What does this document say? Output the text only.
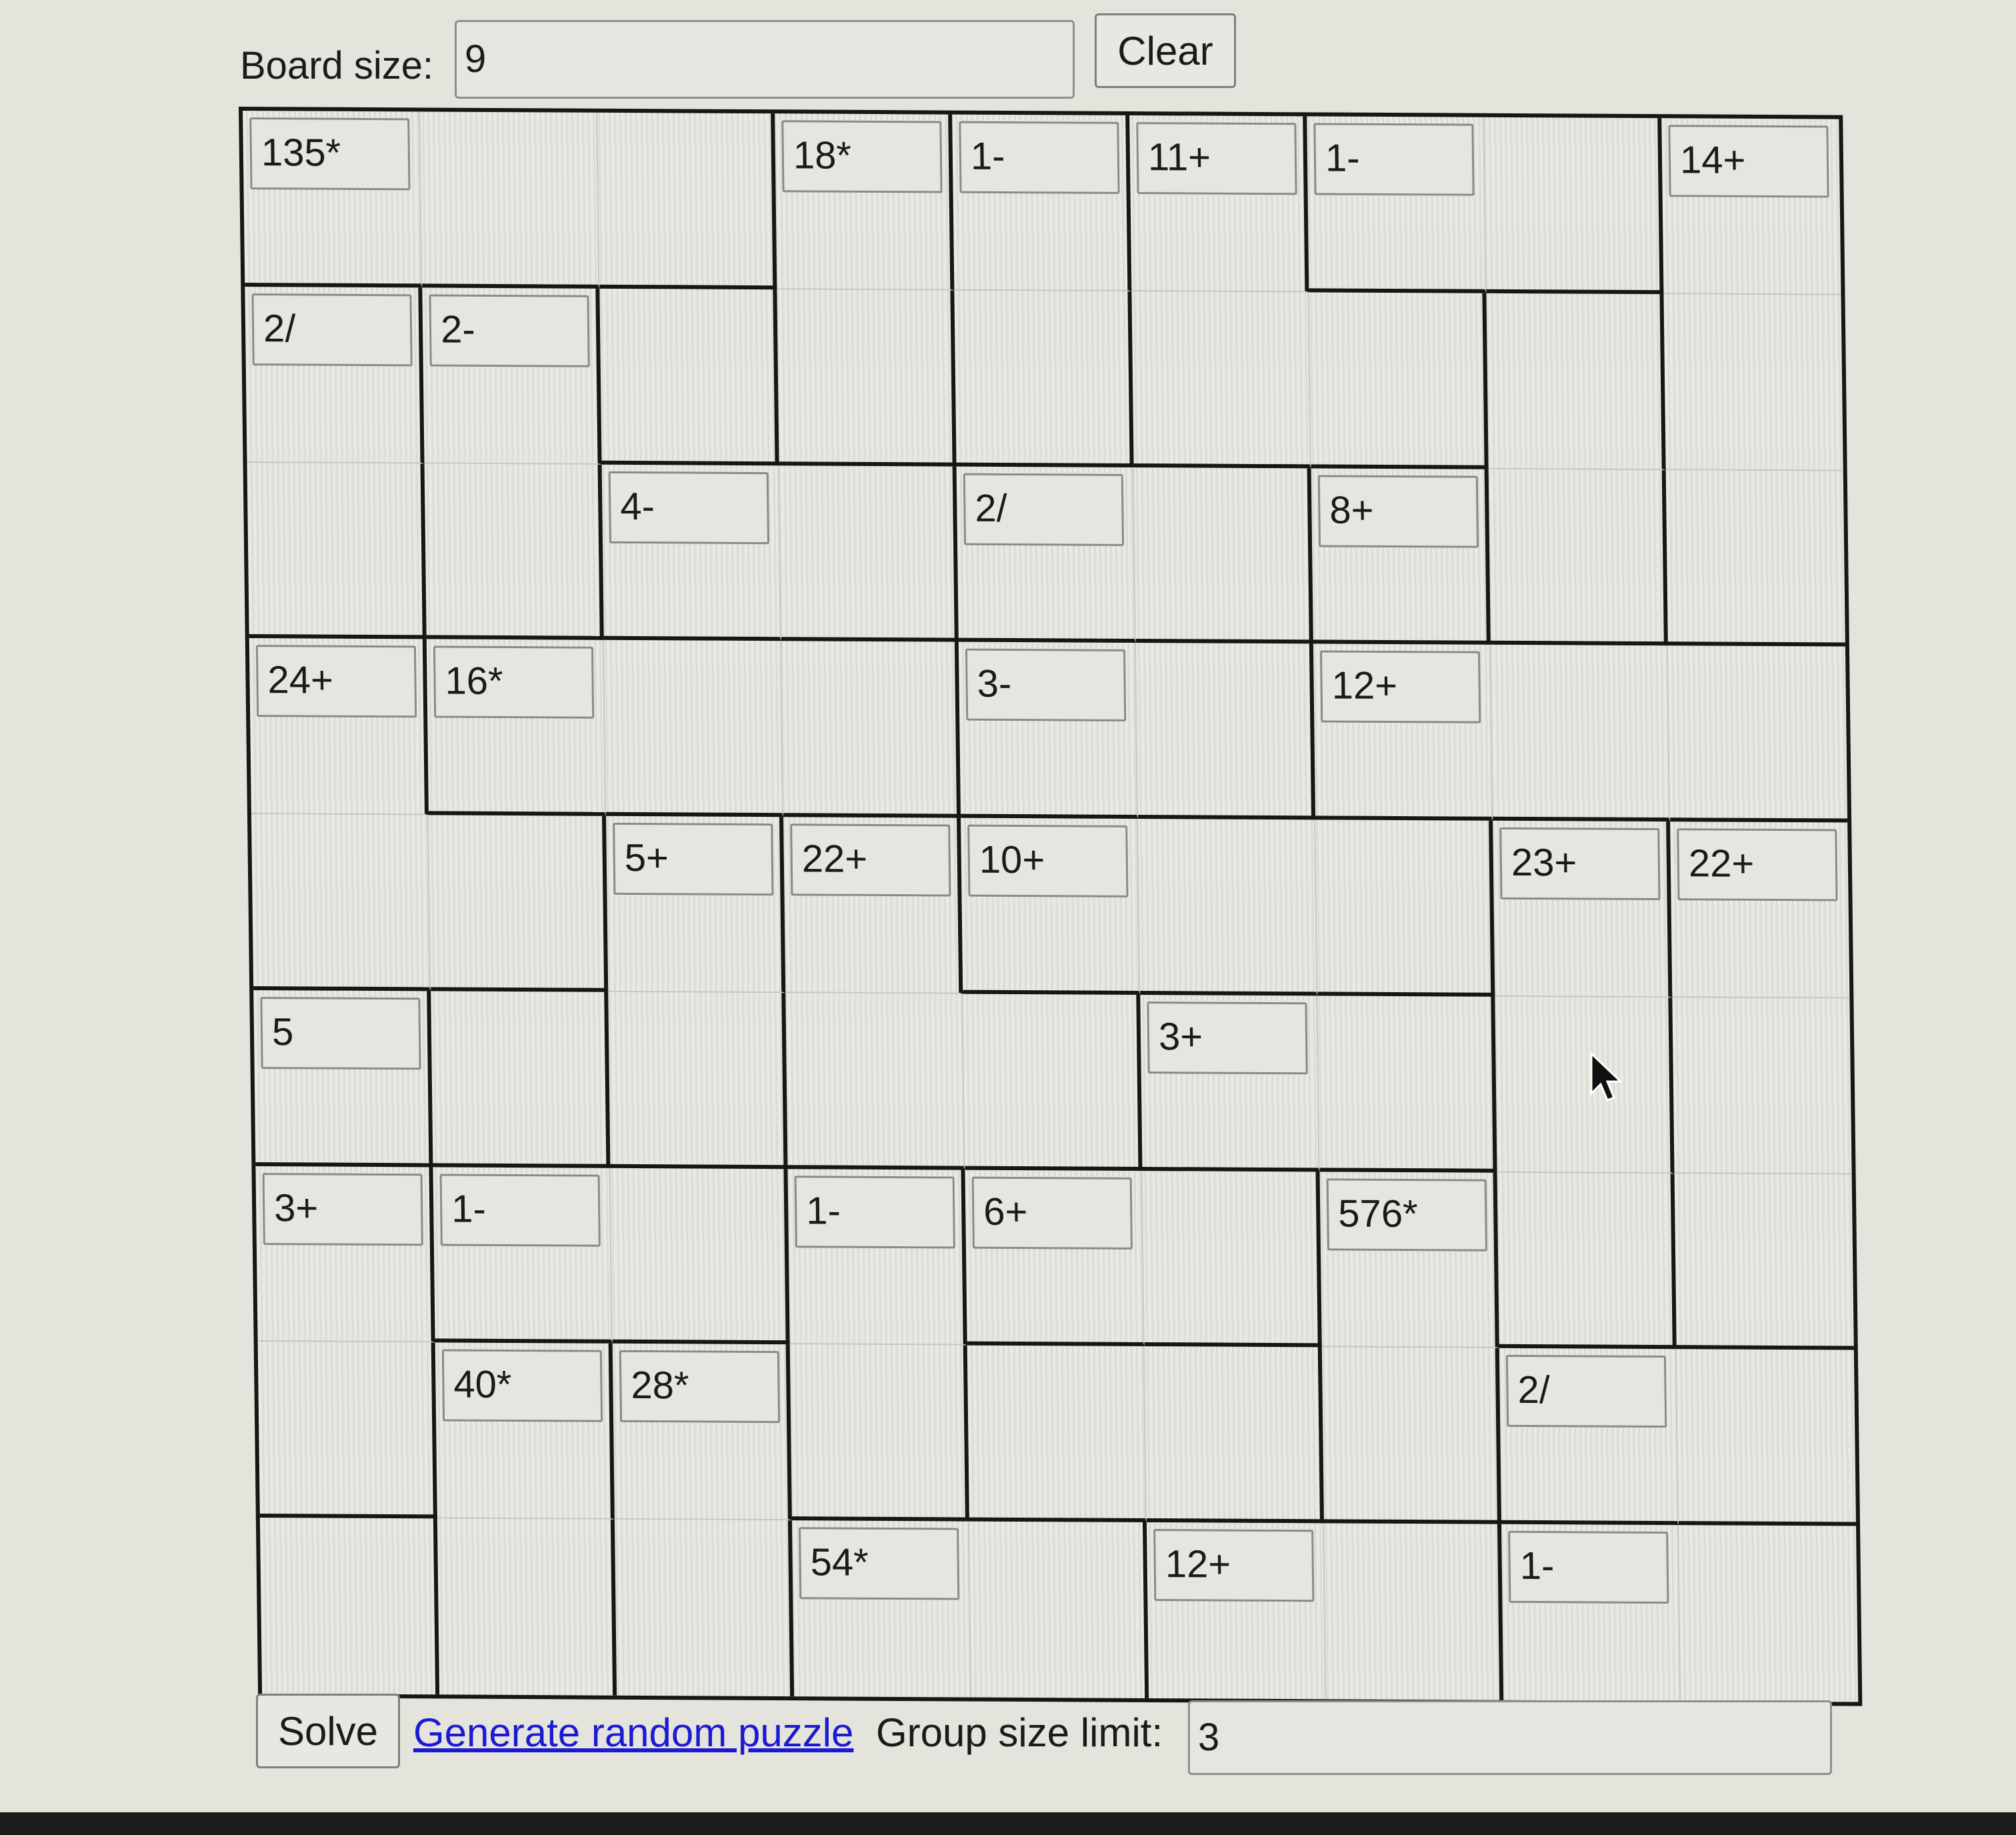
Board size: 9	Clear
135*	18*	1-	11+	1-	14+
2/	2-
4-	2/	8+
24+	16*	3-	12+
5+	22+	10+	23+	22+
5	3+
3+	1-	1-	6+	576*
40*	28*	2/
54*	12+	1-
Solve Generate random puzzle Group size limit: 3
